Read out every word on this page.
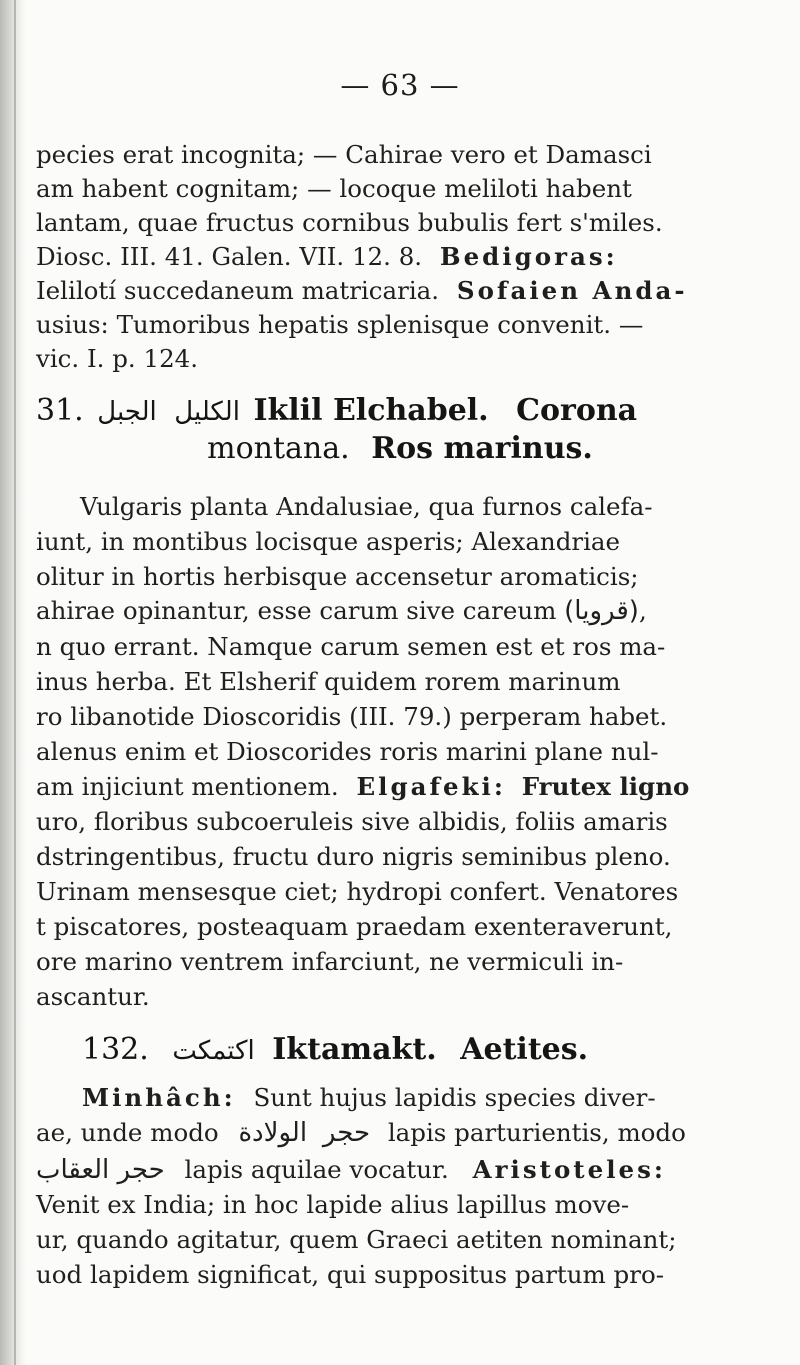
— 63 —
pecies erat incognita; — Cahirae vero et Damasci
am habent cognitam; — locoque meliloti habent
lantam, quae fructus cornibus bubulis fert s'miles.
Diosc. III. 41. Galen. VII. 12. 8. Bedigoras:
Ielilotí succedaneum matricaria. Sofaien Anda-
usius: Tumoribus hepatis splenisque convenit. —
vic. I. p. 124.
31. الجبل الكليل Iklil Elchabel. Corona
montana. Ros marinus.
Vulgaris planta Andalusiae, qua furnos calefa-
iunt, in montibus locisque asperis; Alexandriae
olitur in hortis herbisque accensetur aromaticis;
ahirae opinantur, esse carum sive careum (قرويا),
n quo errant. Namque carum semen est et ros ma-
inus herba. Et Elsherif quidem rorem marinum
ro libanotide Dioscoridis (III. 79.) perperam habet.
alenus enim et Dioscorides roris marini plane nul-
am injiciunt mentionem. Elgafeki: Frutex ligno
uro, floribus subcoeruleis sive albidis, foliis amaris
dstringentibus, fructu duro nigris seminibus pleno.
Urinam mensesque ciet; hydropi confert. Venatores
t piscatores, posteaquam praedam exenteraverunt,
ore marino ventrem infarciunt, ne vermiculi in-
ascantur.
132. اكتمكت Iktamakt. Aetites.
Minhâch: Sunt hujus lapidis species diver-
ae, unde modo الولادة حجر lapis parturientis, modo
حجر العقاب lapis aquilae vocatur. Aristoteles:
Venit ex India; in hoc lapide alius lapillus move-
ur, quando agitatur, quem Graeci aetiten nominant;
uod lapidem significat, qui suppositus partum pro-
